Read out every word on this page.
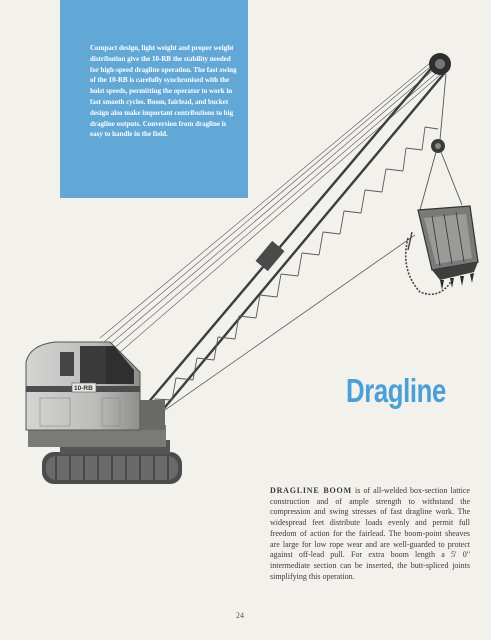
Compact design, light weight and proper weight distribution give the 10-RB the stability needed for high-speed dragline operation. The fast swing of the 10-RB is carefully synchronised with the hoist speeds, permitting the operator to work in fast smooth cycles. Boom, fairlead, and bucket design also make important contributions to big dragline outputs. Conversion from dragline is easy to handle in the field.

10-RB	Dragline

DRAGLINE BOOM is of all-welded box-section lattice construction and of ample strength to withstand the compression and swing stresses of fast dragline work. The widespread feet distribute loads evenly and permit full freedom of action for the fairlead. The boom-point sheaves are large for low rope wear and are well-guarded to protect against off-lead pull. For extra boom length a 5' 0" intermediate section can be inserted, the butt-spliced joints simplifying this operation.

24
